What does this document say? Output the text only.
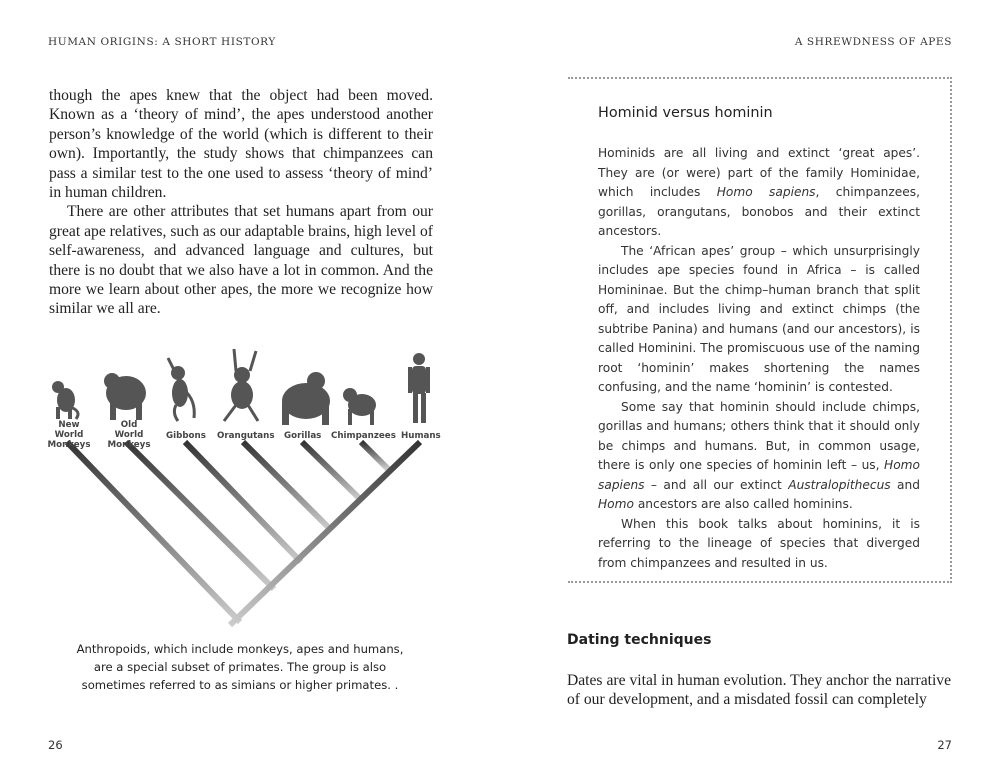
HUMAN ORIGINS: A SHORT HISTORY

though the apes knew that the object had been moved. Known as a ‘theory of mind’, the apes understood another person’s knowledge of the world (which is different to their own). Importantly, the study shows that chimpanzees can pass a similar test to the one used to assess ‘theory of mind’ in human children.

There are other attributes that set humans apart from our great ape relatives, such as our adaptable brains, high level of self-awareness, and advanced language and cultures, but there is no doubt that we also have a lot in common. And the more we learn about other apes, the more we recognize how similar we all are.

New World Monkeys
Old World Monkeys
Gibbons Orangutans Gorillas Chimpanzees Humans
Anthropoids, which include monkeys, apes and humans, are a special subset of primates. The group is also sometimes referred to as simians or higher primates. .
26
A SHREWDNESS OF APES
Hominid versus hominin

Hominids are all living and extinct ‘great apes’. They are (or were) part of the family Hominidae, which includes Homo sapiens, chimpanzees, gorillas, orangutans, bonobos and their extinct ancestors.

The ‘African apes’ group – which unsurprisingly includes ape species found in Africa – is called Homininae. But the chimp–human branch that split off, and includes living and extinct chimps (the subtribe Panina) and humans (and our ancestors), is called Hominini. The promiscuous use of the naming root ‘hominin’ makes shortening the names confusing, and the name ‘hominin’ is contested.

Some say that hominin should include chimps, gorillas and humans; others think that it should only be chimps and humans. But, in common usage, there is only one species of hominin left – us, Homo sapiens – and all our extinct Australopithecus and Homo ancestors are also called hominins.

When this book talks about hominins, it is referring to the lineage of species that diverged from chimpanzees and resulted in us.

Dating techniques

Dates are vital in human evolution. They anchor the narrative of our development, and a misdated fossil can completely

27
